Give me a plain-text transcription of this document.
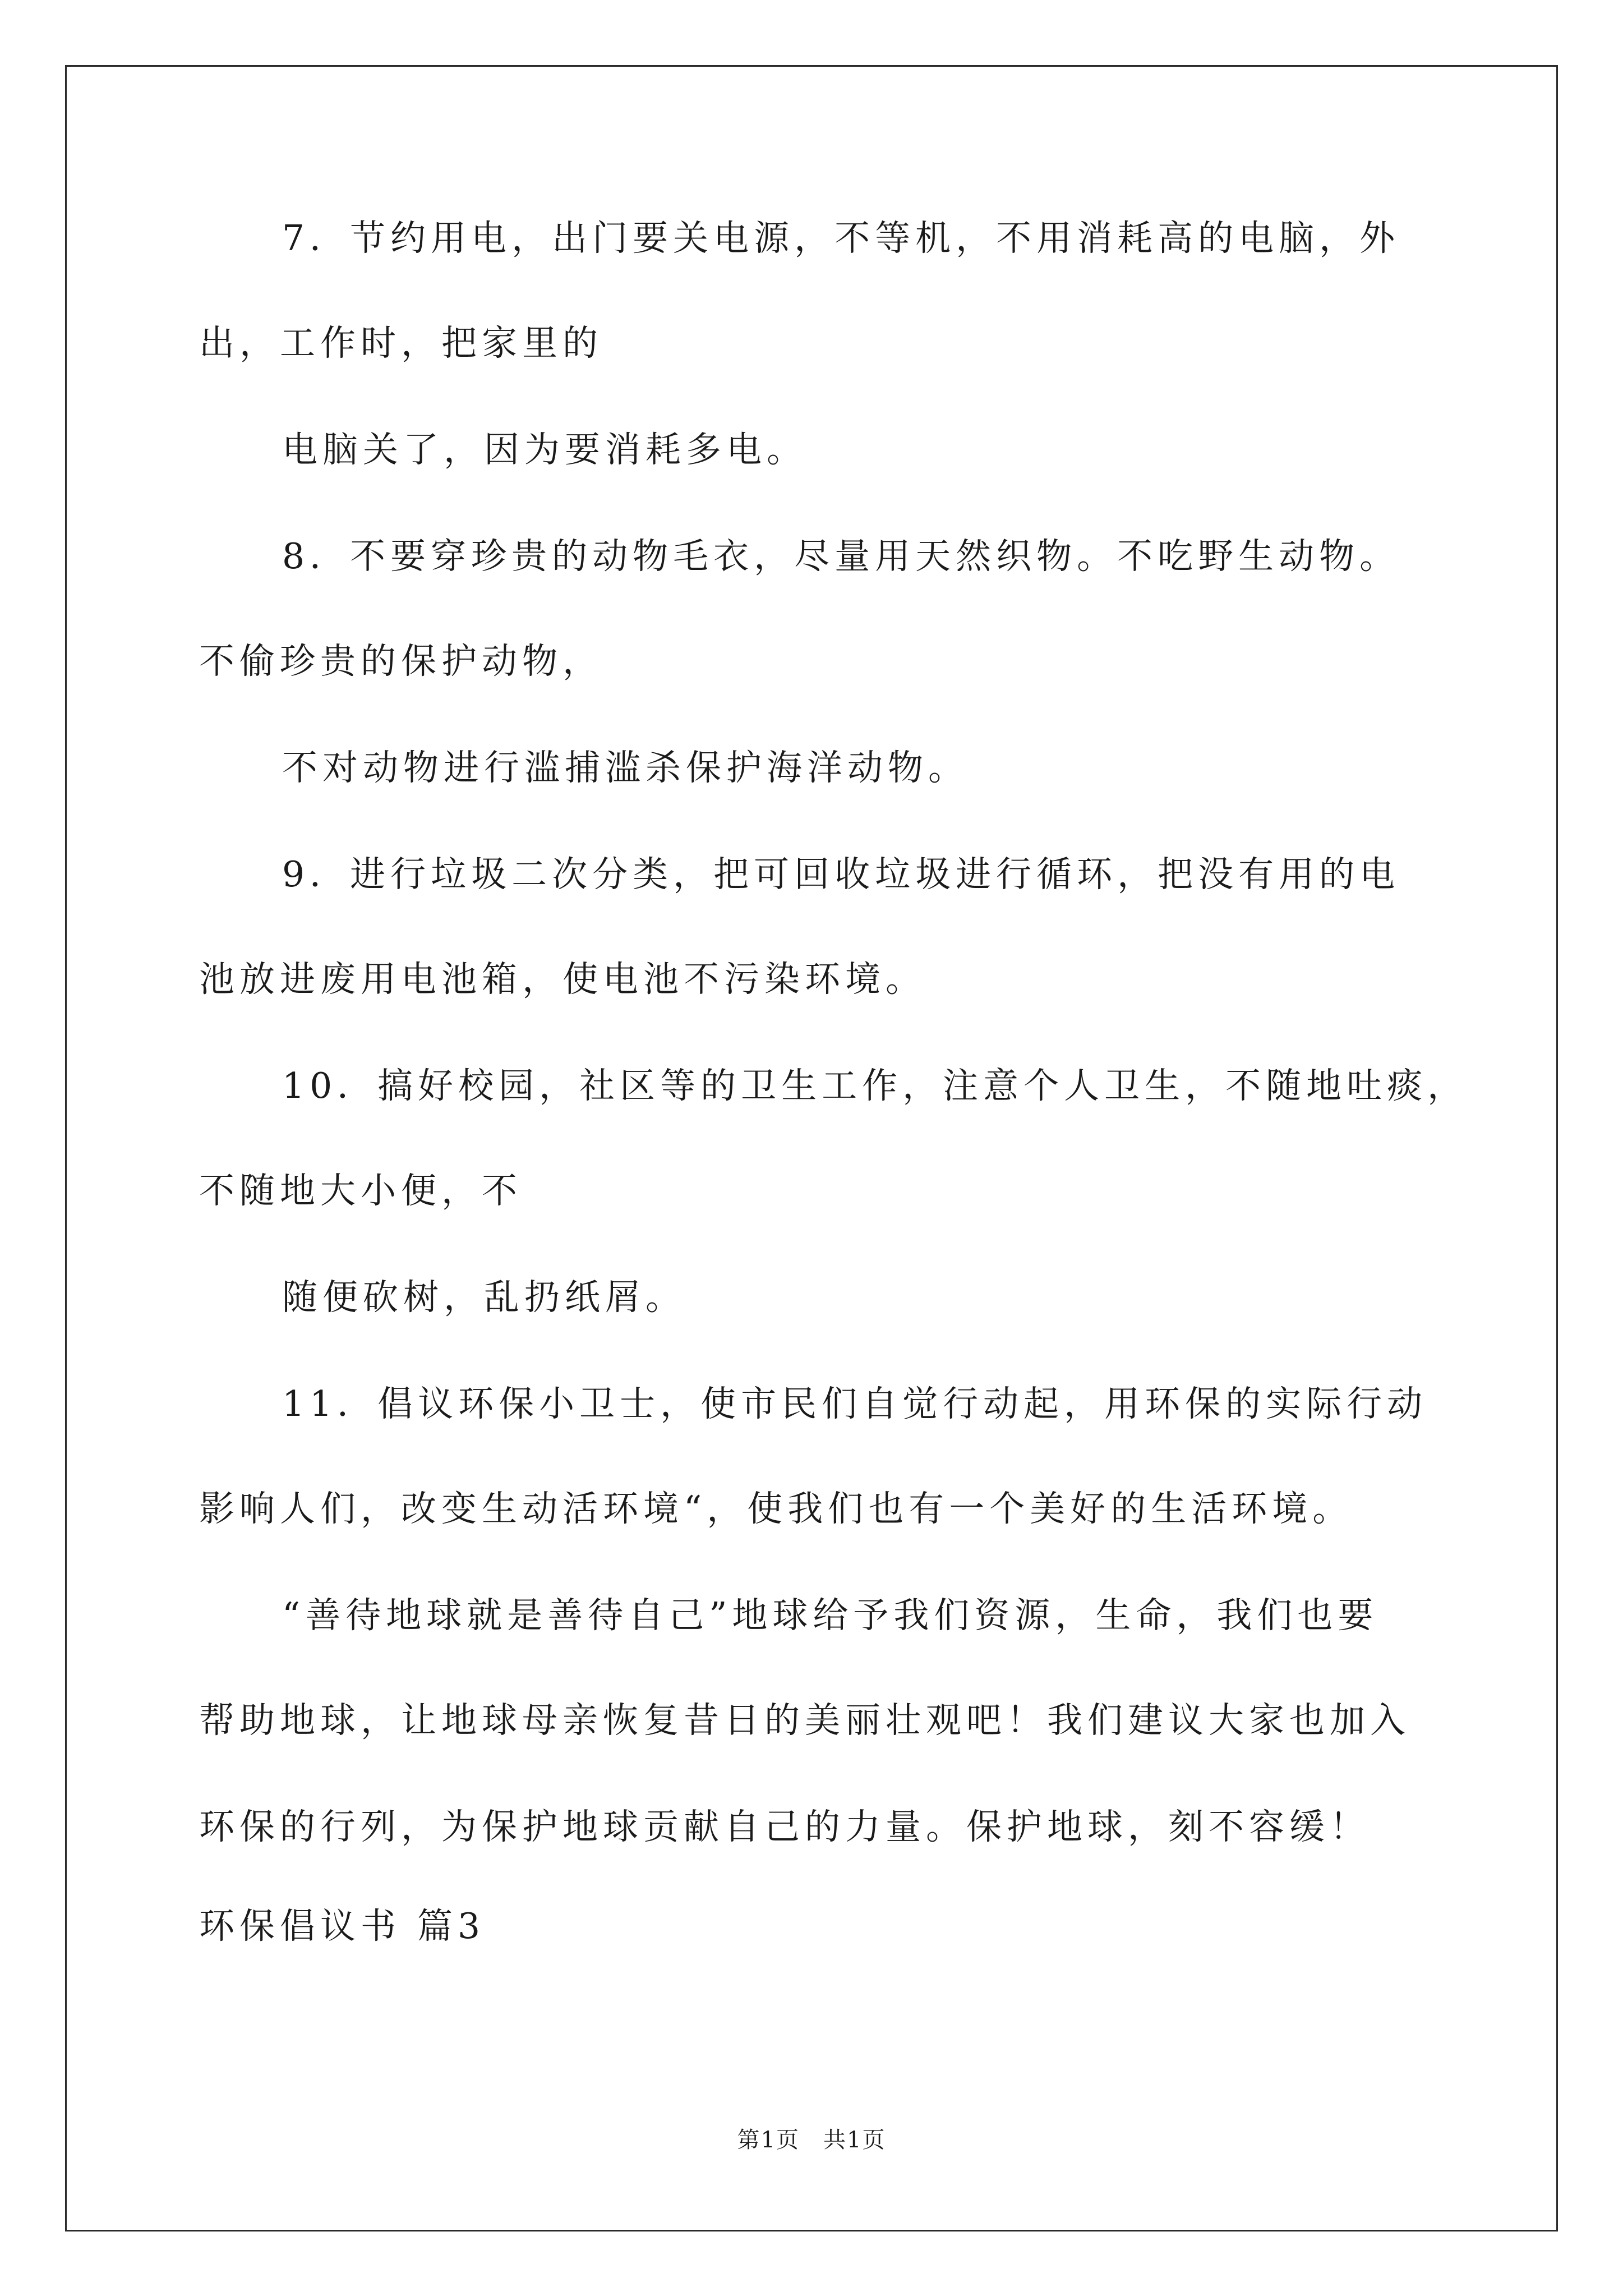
7．节约用电，出门要关电源，不等机，不用消耗高的电脑，外
出，工作时，把家里的
电脑关了，因为要消耗多电。
8．不要穿珍贵的动物毛衣，尽量用天然织物。不吃野生动物。
不偷珍贵的保护动物，
不对动物进行滥捕滥杀保护海洋动物。
9．进行垃圾二次分类，把可回收垃圾进行循环，把没有用的电
池放进废用电池箱，使电池不污染环境。
10．搞好校园，社区等的卫生工作，注意个人卫生，不随地吐痰，
不随地大小便，不
随便砍树，乱扔纸屑。
11．倡议环保小卫士，使市民们自觉行动起，用环保的实际行动
影响人们，改变生动活环境“，使我们也有一个美好的生活环境。
“善待地球就是善待自己”地球给予我们资源，生命，我们也要
帮助地球，让地球母亲恢复昔日的美丽壮观吧！我们建议大家也加入
环保的行列，为保护地球贡献自己的力量。保护地球，刻不容缓！
环保倡议书 篇3
第1页　共1页
